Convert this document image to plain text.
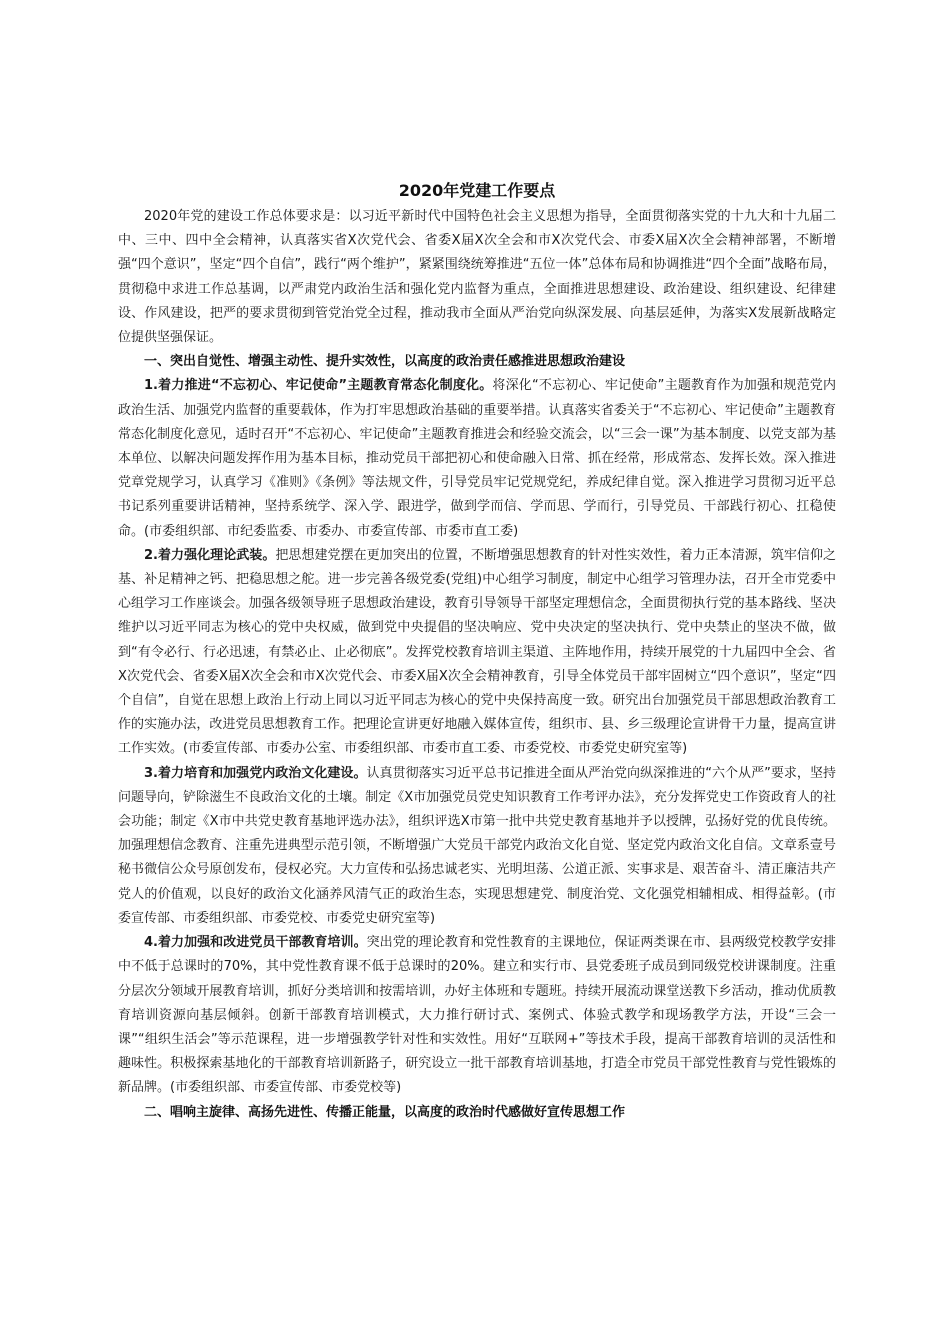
2020年党建工作要点

2020年党的建设工作总体要求是：以习近平新时代中国特色社会主义思想为指导，全面贯彻落实党的十九大和十九届二中、三中、四中全会精神，认真落实省X次党代会、省委X届X次全会和市X次党代会、市委X届X次全会精神部署，不断增强“四个意识”，坚定“四个自信”，践行“两个维护”，紧紧围绕统筹推进“五位一体”总体布局和协调推进“四个全面”战略布局，贯彻稳中求进工作总基调，以严肃党内政治生活和强化党内监督为重点，全面推进思想建设、政治建设、组织建设、纪律建设、作风建设，把严的要求贯彻到管党治党全过程，推动我市全面从严治党向纵深发展、向基层延伸，为落实X发展新战略定位提供坚强保证。

一、突出自觉性、增强主动性、提升实效性，以高度的政治责任感推进思想政治建设

1.着力推进“不忘初心、牢记使命”主题教育常态化制度化。将深化“不忘初心、牢记使命”主题教育作为加强和规范党内政治生活、加强党内监督的重要载体，作为打牢思想政治基础的重要举措。认真落实省委关于“不忘初心、牢记使命”主题教育常态化制度化意见，适时召开“不忘初心、牢记使命”主题教育推进会和经验交流会，以“三会一课”为基本制度、以党支部为基本单位、以解决问题发挥作用为基本目标，推动党员干部把初心和使命融入日常、抓在经常，形成常态、发挥长效。深入推进党章党规学习，认真学习《准则》《条例》等法规文件，引导党员牢记党规党纪，养成纪律自觉。深入推进学习贯彻习近平总书记系列重要讲话精神，坚持系统学、深入学、跟进学，做到学而信、学而思、学而行，引导党员、干部践行初心、扛稳使命。(市委组织部、市纪委监委、市委办、市委宣传部、市委市直工委)

2.着力强化理论武装。把思想建党摆在更加突出的位置，不断增强思想教育的针对性实效性，着力正本清源，筑牢信仰之基、补足精神之钙、把稳思想之舵。进一步完善各级党委(党组)中心组学习制度，制定中心组学习管理办法，召开全市党委中心组学习工作座谈会。加强各级领导班子思想政治建设，教育引导领导干部坚定理想信念，全面贯彻执行党的基本路线、坚决维护以习近平同志为核心的党中央权威，做到党中央提倡的坚决响应、党中央决定的坚决执行、党中央禁止的坚决不做，做到“有令必行、行必迅速，有禁必止、止必彻底”。发挥党校教育培训主渠道、主阵地作用，持续开展党的十九届四中全会、省X次党代会、省委X届X次全会和市X次党代会、市委X届X次全会精神教育，引导全体党员干部牢固树立“四个意识”，坚定“四个自信”，自觉在思想上政治上行动上同以习近平同志为核心的党中央保持高度一致。研究出台加强党员干部思想政治教育工作的实施办法，改进党员思想教育工作。把理论宣讲更好地融入媒体宣传，组织市、县、乡三级理论宣讲骨干力量，提高宣讲工作实效。(市委宣传部、市委办公室、市委组织部、市委市直工委、市委党校、市委党史研究室等)

3.着力培育和加强党内政治文化建设。认真贯彻落实习近平总书记推进全面从严治党向纵深推进的“六个从严”要求，坚持问题导向，铲除滋生不良政治文化的土壤。制定《X市加强党员党史知识教育工作考评办法》，充分发挥党史工作资政育人的社会功能；制定《X市中共党史教育基地评选办法》，组织评选X市第一批中共党史教育基地并予以授牌，弘扬好党的优良传统。加强理想信念教育、注重先进典型示范引领，不断增强广大党员干部党内政治文化自觉、坚定党内政治文化自信。文章系壹号秘书微信公众号原创发布，侵权必究。大力宣传和弘扬忠诚老实、光明坦荡、公道正派、实事求是、艰苦奋斗、清正廉洁共产党人的价值观，以良好的政治文化涵养风清气正的政治生态，实现思想建党、制度治党、文化强党相辅相成、相得益彰。(市委宣传部、市委组织部、市委党校、市委党史研究室等)

4.着力加强和改进党员干部教育培训。突出党的理论教育和党性教育的主课地位，保证两类课在市、县两级党校教学安排中不低于总课时的70%，其中党性教育课不低于总课时的20%。建立和实行市、县党委班子成员到同级党校讲课制度。注重分层次分领域开展教育培训，抓好分类培训和按需培训，办好主体班和专题班。持续开展流动课堂送教下乡活动，推动优质教育培训资源向基层倾斜。创新干部教育培训模式，大力推行研讨式、案例式、体验式教学和现场教学方法，开设“三会一课”“组织生活会”等示范课程，进一步增强教学针对性和实效性。用好“互联网+”等技术手段，提高干部教育培训的灵活性和趣味性。积极探索基地化的干部教育培训新路子，研究设立一批干部教育培训基地，打造全市党员干部党性教育与党性锻炼的新品牌。(市委组织部、市委宣传部、市委党校等)

二、唱响主旋律、高扬先进性、传播正能量，以高度的政治时代感做好宣传思想工作
